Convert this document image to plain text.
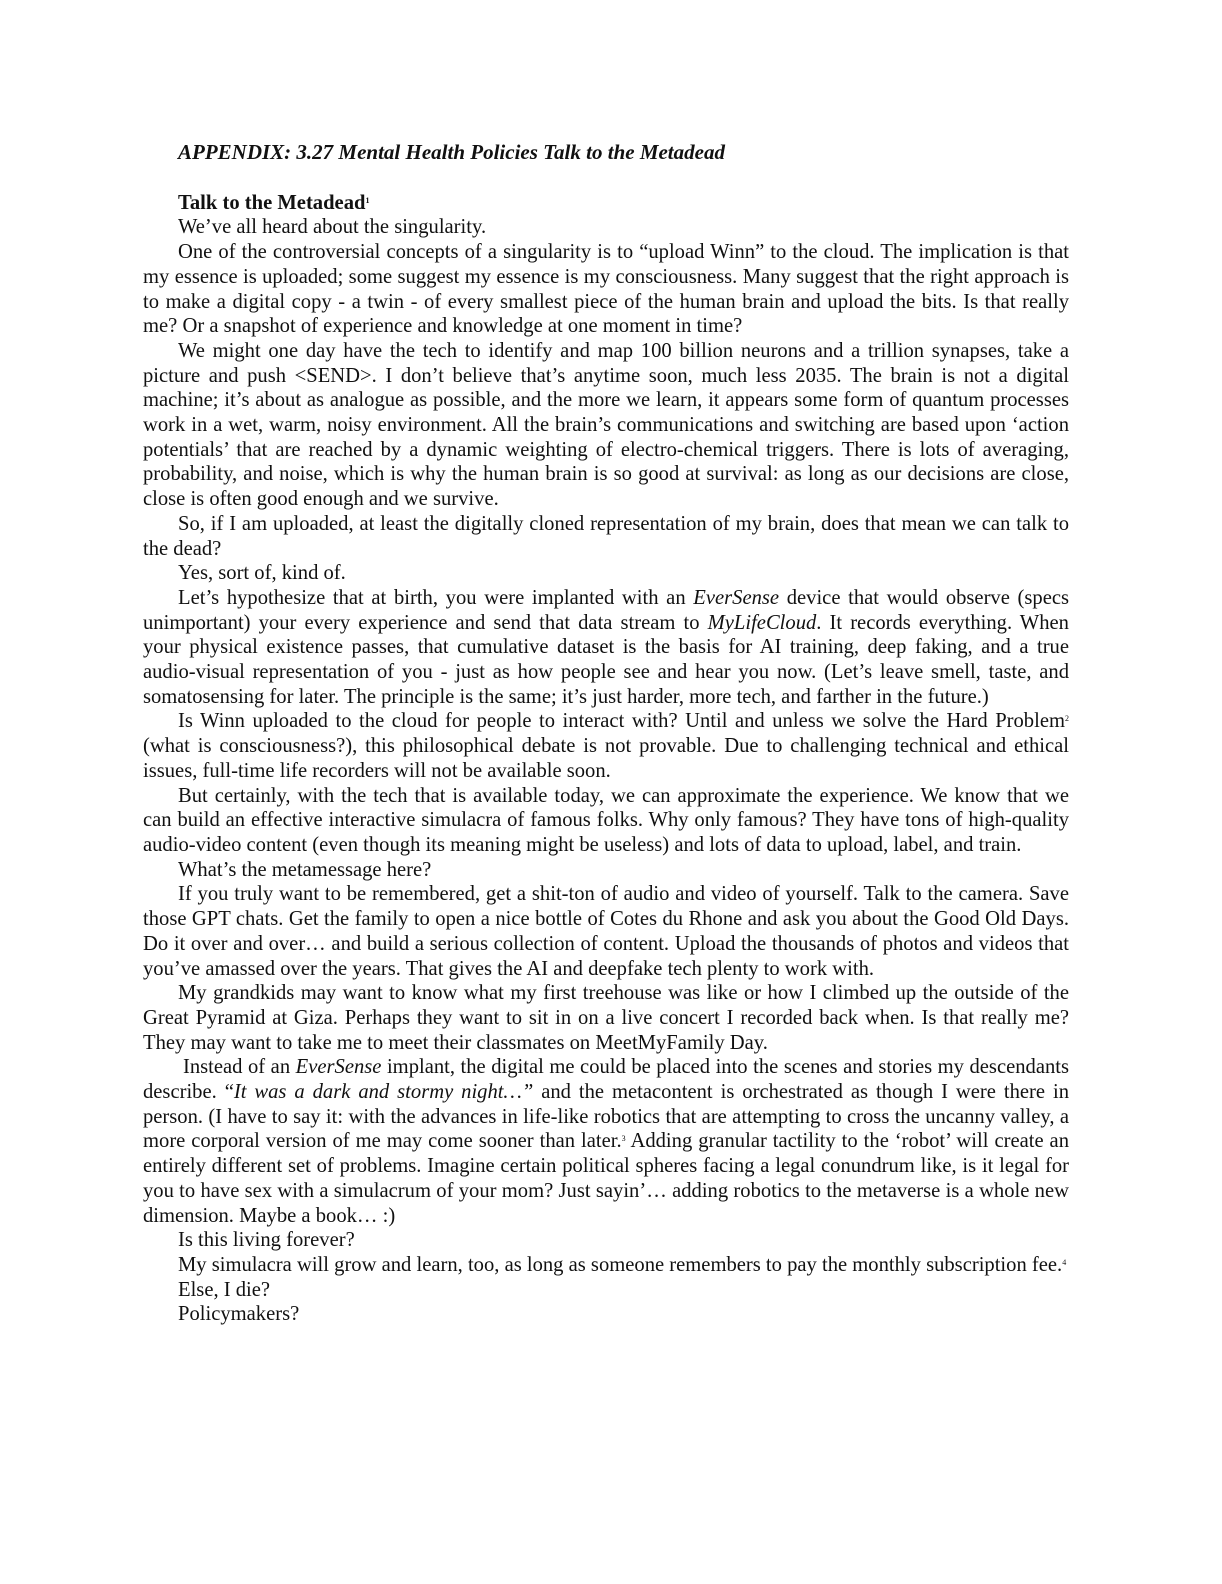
APPENDIX: 3.27 Mental Health Policies Talk to the Metadead

Talk to the Metadead$^1$

We’ve all heard about the singularity.

One of the controversial concepts of a singularity is to “upload Winn” to the cloud. The implication is that my essence is uploaded; some suggest my essence is my consciousness. Many suggest that the right approach is to make a digital copy - a twin - of every smallest piece of the human brain and upload the bits. Is that really me? Or a snapshot of experience and knowledge at one moment in time?

We might one day have the tech to identify and map 100 billion neurons and a trillion synapses, take a picture and push <SEND>. I don’t believe that’s anytime soon, much less 2035. The brain is not a digital machine; it’s about as analogue as possible, and the more we learn, it appears some form of quantum processes work in a wet, warm, noisy environment. All the brain’s communications and switching are based upon ‘action potentials’ that are reached by a dynamic weighting of electro-chemical triggers. There is lots of averaging, probability, and noise, which is why the human brain is so good at survival: as long as our decisions are close, close is often good enough and we survive.

So, if I am uploaded, at least the digitally cloned representation of my brain, does that mean we can talk to the dead?

Yes, sort of, kind of.

Let’s hypothesize that at birth, you were implanted with an EverSense device that would observe (specs unimportant) your every experience and send that data stream to MyLifeCloud. It records everything. When your physical existence passes, that cumulative dataset is the basis for AI training, deep faking, and a true audio-visual representation of you - just as how people see and hear you now. (Let’s leave smell, taste, and somatosensing for later. The principle is the same; it’s just harder, more tech, and farther in the future.)

Is Winn uploaded to the cloud for people to interact with? Until and unless we solve the Hard Problem$^2$ (what is consciousness?), this philosophical debate is not provable. Due to challenging technical and ethical issues, full-time life recorders will not be available soon.

But certainly, with the tech that is available today, we can approximate the experience. We know that we can build an effective interactive simulacra of famous folks. Why only famous? They have tons of high-quality audio-video content (even though its meaning might be useless) and lots of data to upload, label, and train.

What’s the metamessage here?

If you truly want to be remembered, get a shit-ton of audio and video of yourself. Talk to the camera. Save those GPT chats. Get the family to open a nice bottle of Cotes du Rhone and ask you about the Good Old Days. Do it over and over… and build a serious collection of content. Upload the thousands of photos and videos that you’ve amassed over the years. That gives the AI and deepfake tech plenty to work with.

My grandkids may want to know what my first treehouse was like or how I climbed up the outside of the Great Pyramid at Giza. Perhaps they want to sit in on a live concert I recorded back when. Is that really me? They may want to take me to meet their classmates on MeetMyFamily Day.

Instead of an EverSense implant, the digital me could be placed into the scenes and stories my descendants describe. “It was a dark and stormy night…” and the metacontent is orchestrated as though I were there in person. (I have to say it: with the advances in life-like robotics that are attempting to cross the uncanny valley, a more corporal version of me may come sooner than later.$^3$ Adding granular tactility to the ‘robot’ will create an entirely different set of problems. Imagine certain political spheres facing a legal conundrum like, is it legal for you to have sex with a simulacrum of your mom? Just sayin’… adding robotics to the metaverse is a whole new dimension. Maybe a book… :)

Is this living forever?

My simulacra will grow and learn, too, as long as someone remembers to pay the monthly subscription fee.$^4$

Else, I die?

Policymakers?
